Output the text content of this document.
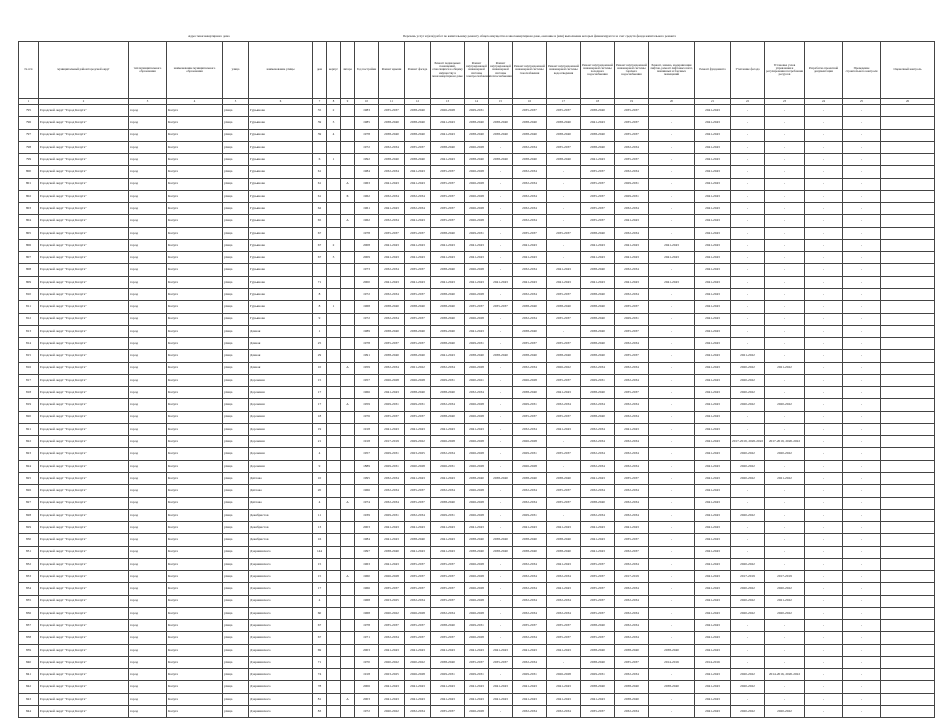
Адрес многоквартирного дома	Перечень услуг и (или) работ по капитальному ремонту общего имущества в многоквартирном доме, оказание и (или) выполнение которых финансируется за счет средств фонда капитального ремонта
№ п/п	муниципальный район/городской округ	тип муниципального образования	наименование муниципального образования	улица	наименование улицы	дом	корпус	литера	Год постройки	Ремонт крыши	Ремонт фасада	Ремонт подвальных помещений, относящихся к общему имуществу в многоквартирном доме	Ремонт внутридомовой инженерной системы электроснабжения	Ремонт внутридомовой инженерной системы теплоснабжения	Ремонт внутридомовой инженерной системы газоснабжения	Ремонт внутридомовой инженерной системы водоотведения	Ремонт внутридомовой инженерной системы холодного водоснабжения	Ремонт внутридомовой инженерной системы горячего водоснабжения	Ремонт, замена, модернизация лифтов, ремонт лифтовых шахт, машинных и блочных помещений	Ремонт фундамента	Утепление фасада	Установка узлов управления и регулирования потребления ресурсов	Разработка проектной документации	Проведение строительного контроля	Оценочный контроль
1	2	3	4	5	6	7	8	9	10	11	12	13	14	15	16	17	18	19	20	21	22	23	24	25	26
795	Городской округ "Город Калуга"	город	Калуга	улица	Гурьянова	35	2		1983	2035-2037	2038-2040	2026-2028	2029-2031	-	2035-2037	2035-2037	2038-2040	2035-2037	-	2041-2043	-	-	-	-	
796	Городской округ "Город Калуга"	город	Калуга	улица	Гурьянова	39	3		1985	2038-2040	2038-2040	2041-2043	2038-2040	2038-2040	2038-2040	2038-2040	2041-2043	2035-2037	-	2041-2043	-	-	-	-	
797	Городской округ "Город Калуга"	город	Калуга	улица	Гурьянова	39	4		1978	2038-2040	2038-2040	2041-2043	2038-2040	2038-2040	2038-2040	2038-2040	2038-2040	2035-2037	-	2041-2043	-	-	-	-	
798	Городской округ "Город Калуга"	город	Калуга	улица	Гурьянова				1972	2032-2034	2035-2037	2038-2040	2026-2028	-	2032-2034	2035-2037	2038-2040	2032-2034	-	2041-2043	-	-	-	-	
799	Городской округ "Город Калуга"	город	Калуга	улица	Гурьянова	6	1		1992	2038-2040	2038-2040	2041-2043	2038-2040	2038-2040	2038-2040	2038-2040	2041-2043	2035-2037	-	2041-2043	-	-	-	-	
800	Городской округ "Город Калуга"	город	Калуга	улица	Гурьянова	61			1984	2032-2034	2041-2043	2035-2037	2026-2028	-	2032-2034	-	2035-2037	2032-2034	-	2041-2043	-	-	-	-	
801	Городской округ "Город Калуга"	город	Калуга	улица	Гурьянова	61		А	1963	2041-2043	2041-2043	2035-2037	2026-2028	-	2032-2034	-	2035-2037	2029-2031	-	2041-2043	-	-	-	-	
802	Городской округ "Город Калуга"	город	Калуга	улица	Гурьянова	61		Б	1962	2032-2034	2032-2034	2035-2037	2026-2028	-	2032-2034	-	2035-2037	2029-2031	-	2041-2043	-	-	-	-	
803	Городской округ "Город Калуга"	город	Калуга	улица	Гурьянова	62			1961	2041-2043	2032-2034	2035-2037	2026-2028	-	2032-2034	-	2035-2037	2032-2034	-	2041-2043	-	-	-	-	
804	Городской округ "Город Калуга"	город	Калуга	улица	Гурьянова	65		А	1962	2032-2034	2041-2043	2035-2037	2026-2028	-	2032-2034	-	2035-2037	2041-2043	-	2041-2043	-	-	-	-	
805	Городской округ "Город Калуга"	город	Калуга	улица	Гурьянова	67			1978	2035-2037	2035-2037	2038-2040	2029-2031	-	2035-2037	2035-2037	2038-2040	2032-2034	-	2041-2043	-	-	-	-	
806	Городской округ "Город Калуга"	город	Калуга	улица	Гурьянова	67	2		2008	2041-2043	2041-2043	2041-2043	2041-2043	-	2041-2043	-	2041-2043	2041-2043	2041-2043	2041-2043	-	-	-	-	
807	Городской округ "Город Калуга"	город	Калуга	улица	Гурьянова	67	3		2009	2041-2043	2041-2043	2041-2043	2041-2043	-	2041-2043	-	2041-2043	2041-2043	2041-2043	2041-2043	-	-	-	-	
808	Городской округ "Город Калуга"	город	Калуга	улица	Гурьянова				1973	2032-2034	2035-2037	2038-2040	2026-2028	-	2032-2034	2041-2043	2038-2040	2032-2034	-	2041-2043	-	-	-	-	
809	Городской округ "Город Калуга"	город	Калуга	улица	Гурьянова	71			2000	2041-2043	2041-2043	2041-2043	2041-2043	2041-2043	2041-2043	2041-2043	2041-2043	2041-2043	2041-2043	2041-2043	-	-	-	-	
810	Городской округ "Город Калуга"	город	Калуга	улица	Гурьянова	8			1972	2032-2034	2035-2037	2038-2040	2026-2028	-	2032-2034	2035-2037	2038-2040	2032-2034	-	2041-2043	-	-	-	-	
811	Городской округ "Город Калуга"	город	Калуга	улица	Гурьянова	8	1		1968	2038-2040	2038-2040	2038-2040	2035-2037	2035-2037	2038-2040	2038-2040	2038-2040	2035-2037	-	2041-2043	-	-	-	-	
812	Городской округ "Город Калуга"	город	Калуга	улица	Гурьянова	9			1972	2032-2034	2035-2037	2038-2040	2026-2028	-	2032-2034	2035-2037	2038-2040	2029-2031	-	2041-2043	-	-	-	-	
813	Городской округ "Город Калуга"	город	Калуга	улица	Дачная	1			1989	2038-2040	2038-2040	2039-2040	2041-2043	-	2038-2040	-	2038-2040	2035-2037	-	2041-2043	-	-	-	-	
814	Городской округ "Город Калуга"	город	Калуга	улица	Дачная	25			1978	2035-2037	2035-2037	2038-2040	2029-2031	-	2035-2037	2035-2037	2038-2040	2032-2034	-	2041-2043	-	-	-	-	
815	Городской округ "Город Калуга"	город	Калуга	улица	Дачная	29			1991	2038-2040	2038-2040	2041-2043	2038-2040	2038-2040	2038-2040	2038-2040	2038-2040	2035-2037	-	2041-2043	2021-2022	-	-	-	
816	Городской округ "Город Калуга"	город	Калуга	улица	Дачная	10		А	1959	2032-2034	2021-2022	2032-2034	2026-2028	-	2032-2034	2026-2022	2032-2034	2032-2034	-	2041-2043	2020-2022	2021-2022	-	-	
817	Городской округ "Город Калуга"	город	Калуга	улица	Дорожная	15			1957	2026-2028	2026-2028	2029-2031	2020-2021	-	2026-2028	2035-2037	2029-2031	2032-2034	-	2041-2043	2020-2022	-	-	-	
818	Городской округ "Город Калуга"	город	Калуга	улица	Дорожная	17			1966	2041-2043	2038-2040	2038-2040	2032-2034	-	2038-2040	2041-2043	2038-2040	2035-2037	-	2041-2043	2020-2022	-	-	-	
819	Городской округ "Город Калуга"	город	Калуга	улица	Дорожная	17		А	1959	2029-2031	2029-2031	2032-2034	2026-2028	-	2029-2031	2032-2034	2032-2034	2032-2034	-	2041-2043	2020-2022	2020-2022	-	-	
820	Городской округ "Город Калуга"	город	Калуга	улица	Дорожная	18			1976	2035-2037	2035-2037	2038-2040	2026-2028	-	2035-2037	2035-2037	2038-2040	2032-2034	-	2041-2043	-	-	-	-	
821	Городской округ "Город Калуга"	город	Калуга	улица	Дорожная	19			1918	2041-2043	2041-2043	2041-2043	2041-2043	-	2032-2034	2041-2043	2032-2034	2041-2043	-	2041-2043	-	-	-	-	
822	Городской округ "Город Калуга"	город	Калуга	улица	Дорожная	21			1918	2017-2019	2029-2022	2026-2028	2026-2028	-	2026-2028	-	2032-2034	2032-2034	-	2041-2043	2017-2019, 2020-2022	2017-2019, 2020-2022	-	-	
823	Городской округ "Город Калуга"	город	Калуга	улица	Дорожная	4			1957	2029-2031	2023-2025	2032-2034	2026-2028	-	2029-2031	2035-2037	2032-2034	2032-2034	-	2041-2043	2020-2022	2020-2022	-	-	
824	Городской округ "Город Калуга"	город	Калуга	улица	Дорожная	9			1889	2029-2031	2020-2028	2026-2031	2026-2028	-	2026-2028	-	2032-2034	2032-2034	-	2041-2043	2020-2022	-	-	-	
825	Городской округ "Город Калуга"	город	Калуга	улица	Дятлово	10			1995	2032-2034	2041-2043	2041-2043	2038-2040	2038-2040	2038-2040	2038-2040	2041-2043	2035-2037	-	2041-2043	2020-2022	2021-2022	-	-	
826	Городской округ "Город Калуга"	город	Калуга	улица	Дятлово	20			1966	2032-2034	2035-2037	2032-2034	2026-2028	-	2032-2034	2035-2037	2032-2034	2032-2034	-	2041-2043	-	-	-	-	
827	Городской округ "Город Калуга"	город	Калуга	улица	Дятлово	4		А	1974	2032-2034	2035-2037	2038-2040	2026-2028	-	2032-2034	2035-2037	2038-2040	2032-2034	-	2041-2043	-	-	-	-	
828	Городской округ "Город Калуга"	город	Калуга	улица	Декабристов	11			1939	2029-2031	2032-2034	2029-2031	2026-2028	-	2029-2031	-	2032-2034	2032-2034	-	2041-2043	2020-2022	-	-	-	
829	Городской округ "Город Калуга"	город	Калуга	улица	Декабристов	13			2003	2041-2043	2041-2043	2041-2043	2041-2043	-	2041-2043	2041-2043	2041-2043	2041-2043	-	2041-2043	-	-	-	-	
830	Городской округ "Город Калуга"	город	Калуга	улица	Декабристов	16			1984	2041-2043	2038-2040	2041-2043	2038-2040	2038-2040	2038-2040	2038-2040	2041-2043	2035-2037	-	2041-2043	-	-	-	-	
831	Городской округ "Город Калуга"	город	Калуга	улица	Дзержинского	144			1997	2038-2040	2041-2043	2041-2043	2038-2040	2038-2040	2038-2040	2038-2040	2041-2043	2032-2037	-	2041-2043	-	-	-	-	
832	Городской округ "Город Калуга"	город	Калуга	улица	Дзержинского	15			1963	2041-2043	2035-2037	2035-2037	2026-2028	-	2032-2034	2041-2043	2035-2037	2032-2034	-	2041-2043	2020-2022	-	-	-	
833	Городской округ "Город Калуга"	город	Калуга	улица	Дзержинского	15		А	1960	2026-2028	2035-2037	2035-2037	2026-2028	-	2032-2034	2032-2034	2035-2037	2017-2019	-	2041-2043	2017-2019	2017-2019	-	-	
834	Городской округ "Город Калуга"	город	Калуга	улица	Дзержинского	17			1966	2035-2037	2035-2037	2035-2037	2026-2028	-	2032-2034	2041-2043	2035-2037	2032-2034	-	2041-2043	2020-2022	2020-2022	-	-	
835	Городской округ "Город Калуга"	город	Калуга	улица	Дзержинского	4			1968	2023-2025	2032-2034	2035-2037	2026-2028	-	2032-2034	2032-2034	2035-2037	2032-2034	-	2041-2043	2020-2022	2021-2022	-	-	
836	Городской округ "Город Калуга"	город	Калуга	улица	Дзержинского	60			1968	2020-2022	2026-2028	2032-2034	2026-2028	-	2032-2034	2032-2034	2035-2037	2032-2034	-	2041-2043	2020-2022	2020-2022	-	-	
837	Городской округ "Город Калуга"	город	Калуга	улица	Дзержинского	67			1978	2035-2037	2035-2037	2038-2040	2029-2031	-	2035-2037	2035-2037	2038-2040	2032-2034	-	2041-2043	-	-	-	-	
838	Городской округ "Город Калуга"	город	Калуга	улица	Дзержинского	67			1971	2032-2034	2035-2037	2035-2037	2026-2028	-	2032-2034	2035-2037	2035-2037	2032-2034	-	2041-2043	-	-	-	-	
839	Городской округ "Город Калуга"	город	Калуга	улица	Дзержинского	69			2003	2041-2043	2041-2043	2041-2043	2041-2043	2041-2043	2041-2043	2041-2043	2038-2040	2038-2040	2038-2040	2041-2043	-	-	-	-	
840	Городской округ "Город Калуга"	город	Калуга	улица	Дзержинского	71			1970	2020-2022	2020-2022	2038-2040	2035-2037	2035-2037	2032-2034	-	2038-2040	2035-2037	2014-2016	2014-2016	-	-	-	-	
841	Городской округ "Город Калуга"	город	Калуга	улица	Дзержинского	74			1918	2023-2025	2026-2028	2029-2031	2029-2031	-	2029-2031	2026-2028	2029-2031	2032-2034	-	2041-2043	2020-2022	2014-2016, 2020-2022	-	-	
842	Городской округ "Город Калуга"	город	Калуга	улица	Дзержинского	78			2006	2041-2043	2041-2043	2041-2043	2041-2043	2041-2043	2041-2043	2041-2043	2038-2040	2038-2040	2038-2040	2041-2043	2020-2022	-	-	-	
843	Городской округ "Город Калуга"	город	Калуга	улица	Дзержинского	81		А	2003	2041-2043	2041-2043	2041-2043	2041-2043	2041-2043	2041-2043	2041-2043	2041-2043	2038-2040	-	2041-2043	-	-	-	-	
844	Городской округ "Город Калуга"	город	Калуга	улица	Дзержинского	83			1972	2020-2022	2032-2034	2035-2037	2026-2028	-	2032-2034	2032-2034	2035-2037	2032-2034	-	2041-2043	2020-2022	2020-2022	-	-	
